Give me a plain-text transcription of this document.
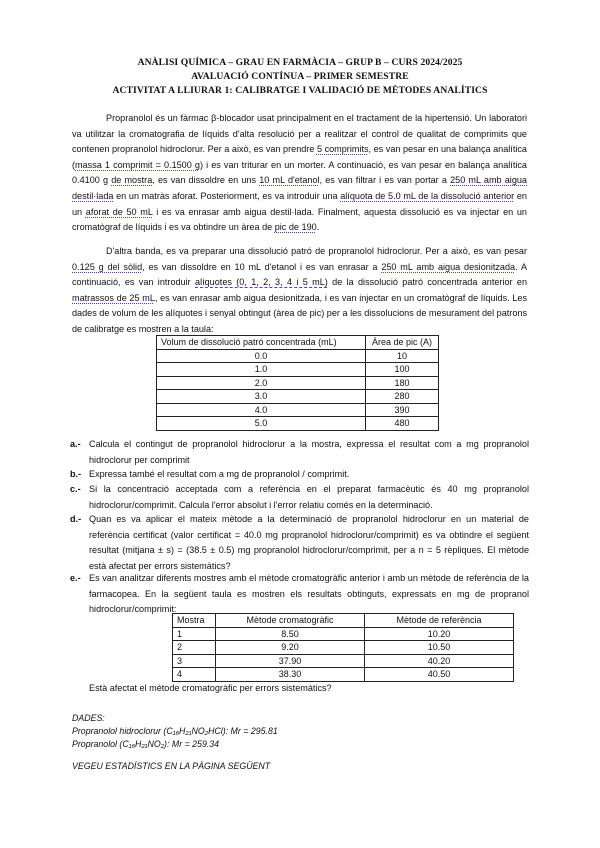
ANÀLISI QUÍMICA – GRAU EN FARMÀCIA – GRUP B – CURS 2024/2025
AVALUACIÓ CONTÍNUA – PRIMER SEMESTRE
ACTIVITAT A LLIURAR 1: CALIBRATGE I VALIDACIÓ DE MÈTODES ANALÍTICS

Propranolol és un fàrmac β-blocador usat principalment en el tractament de la hipertensió. Un laboratori va utilitzar la cromatografia de líquids d'alta resolució per a realitzar el control de qualitat de comprimits que contenen propranolol hidroclorur. Per a això, es van prendre 5 comprimits, es van pesar en una balança analítica (massa 1 comprimit = 0.1500 g) i es van triturar en un morter. A continuació, es van pesar en balança analítica 0.4100 g de mostra, es van dissoldre en uns 10 mL d'etanol, es van filtrar i es van portar a 250 mL amb aigua destil·lada en un matràs aforat. Posteriorment, es va introduir una alíquota de 5.0 mL de la dissolució anterior en un aforat de 50 mL i es va enrasar amb aigua destil·lada. Finalment, aquesta dissolució es va injectar en un cromatògraf de líquids i es va obtindre un àrea de pic de 190.

D'altra banda, es va preparar una dissolució patró de propranolol hidroclorur. Per a això, es van pesar 0.125 g del sòlid, es van dissoldre en 10 mL d'etanol i es van enrasar a 250 mL amb aigua desionitzada. A continuació, es van introduir alíquotes (0, 1, 2, 3, 4 i 5 mL) de la dissolució patró concentrada anterior en matrassos de 25 mL, es van enrasar amb aigua desionitzada, i es van injectar en un cromatògraf de líquids. Les dades de volum de les alíquotes i senyal obtingut (àrea de pic) per a les dissolucions de mesurament del patrons de calibratge es mostren a la taula:

Volum de dissolució patró concentrada (mL)	Àrea de pic (A)
0.0	10
1.0	100
2.0	180
3.0	280
4.0	390
5.0	480
a.- Calcula el contingut de propranolol hidroclorur a la mostra, expressa el resultat com a mg propranolol hidroclorur per comprimit
b.- Expressa també el resultat com a mg de propranolol / comprimit.
c.- Si la concentració acceptada com a referència en el preparat farmacèutic és 40 mg propranolol hidroclorur/comprimit. Calcula l'error absolut i l'error relatiu comés en la determinació.
d.- Quan es va aplicar el mateix mètode a la determinació de propranolol hidroclorur en un material de referència certificat (valor certificat = 40.0 mg propranolol hidroclorur/comprimit) es va obtindre el següent resultat (mitjana ± s) = (38.5 ± 0.5) mg propranolol hidroclorur/comprimit, per a n = 5 rèpliques. El mètode està afectat per errors sistemàtics?
e.- Es van analitzar diferents mostres amb el mètode cromatogràfic anterior i amb un mètode de referència de la farmacopea. En la següent taula es mostren els resultats obtinguts, expressats en mg de propranol hidroclorur/comprimit:
Mostra	Mètode cromatogràfic	Mètode de referència
1	8.50	10.20
2	9.20	10.50
3	37.90	40.20
4	38.30	40.50
Està afectat el mètode cromatogràfic per errors sistemàtics?
DADES:
Propranolol hidroclorur (C₁₆H₂₁NO₂HCl): Mr = 295.81
Propranolol (C₁₆H₂₁NO₂): Mr = 259.34
VEGEU ESTADÍSTICS EN LA PÀGINA SEGÜENT
